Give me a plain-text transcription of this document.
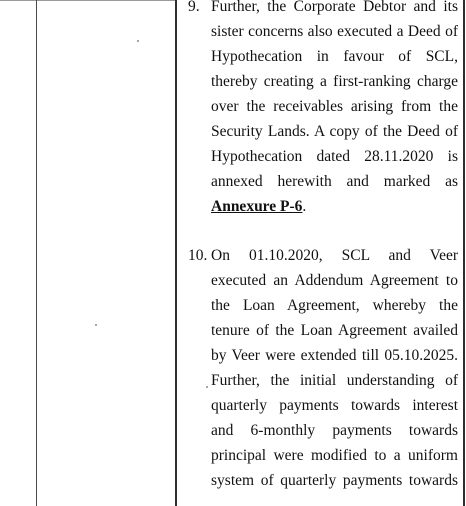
9. Further, the Corporate Debtor and its
sister concerns also executed a Deed of
Hypothecation in favour of SCL,
thereby creating a first-ranking charge
over the receivables arising from the
Security Lands. A copy of the Deed of
Hypothecation dated 28.11.2020 is
annexed herewith and marked as
Annexure P-6.
10. On 01.10.2020, SCL and Veer
executed an Addendum Agreement to
the Loan Agreement, whereby the
tenure of the Loan Agreement availed
by Veer were extended till 05.10.2025.
Further, the initial understanding of
quarterly payments towards interest
and 6-monthly payments towards
principal were modified to a uniform
system of quarterly payments towards
